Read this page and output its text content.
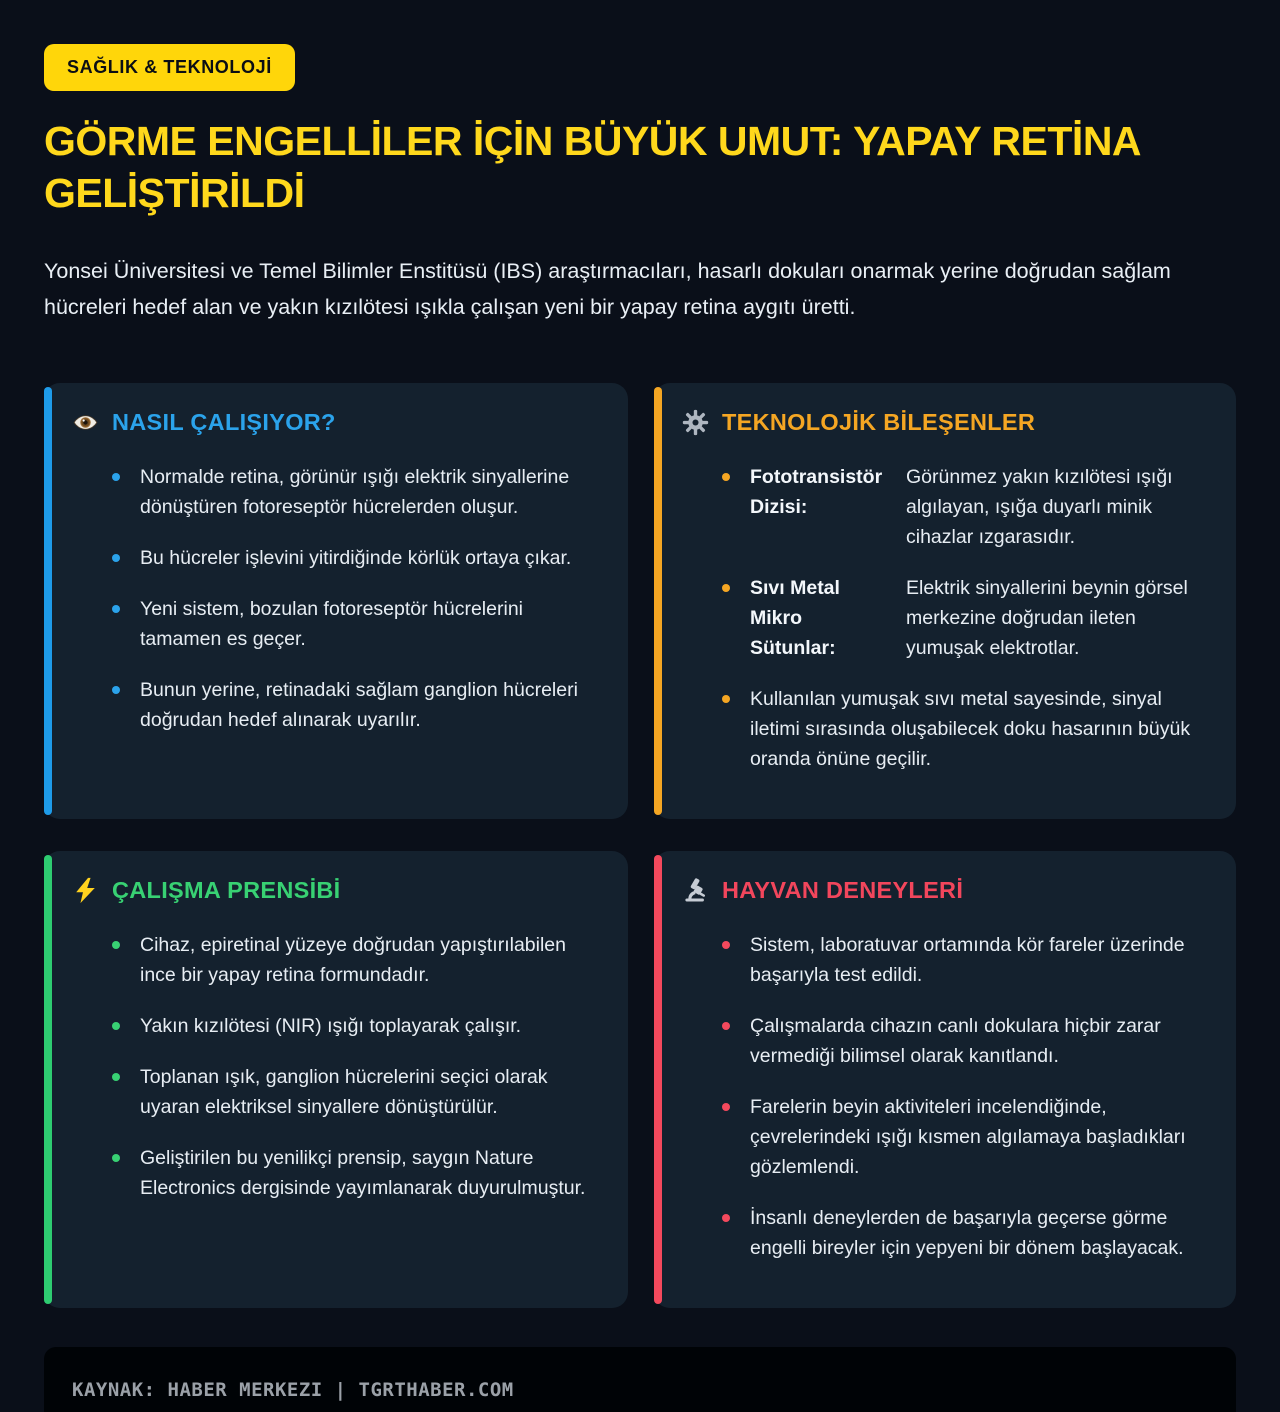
SAĞLIK & TEKNOLOJİ
GÖRME ENGELLİLER İÇİN BÜYÜK UMUT: YAPAY RETİNA
GELİŞTİRİLDİ
Yonsei Üniversitesi ve Temel Bilimler Enstitüsü (IBS) araştırmacıları, hasarlı dokuları onarmak yerine doğrudan sağlam hücreleri hedef alan ve yakın kızılötesi ışıkla çalışan yeni bir yapay retina aygıtı üretti.
NASIL ÇALIŞIYOR?
Normalde retina, görünür ışığı elektrik sinyallerine dönüştüren fotoreseptör hücrelerden oluşur.
Bu hücreler işlevini yitirdiğinde körlük ortaya çıkar.
Yeni sistem, bozulan fotoreseptör hücrelerini tamamen es geçer.
Bunun yerine, retinadaki sağlam ganglion hücreleri doğrudan hedef alınarak uyarılır.
TEKNOLOJİK BİLEŞENLER
Fototransistör Dizisi:
Görünmez yakın kızılötesi ışığı algılayan, ışığa duyarlı minik cihazlar ızgarasıdır.
Sıvı Metal Mikro Sütunlar:
Elektrik sinyallerini beynin görsel merkezine doğrudan ileten yumuşak elektrotlar.
Kullanılan yumuşak sıvı metal sayesinde, sinyal iletimi sırasında oluşabilecek doku hasarının büyük oranda önüne geçilir.
ÇALIŞMA PRENSİBİ
Cihaz, epiretinal yüzeye doğrudan yapıştırılabilen ince bir yapay retina formundadır.
Yakın kızılötesi (NIR) ışığı toplayarak çalışır.
Toplanan ışık, ganglion hücrelerini seçici olarak uyaran elektriksel sinyallere dönüştürülür.
Geliştirilen bu yenilikçi prensip, saygın Nature Electronics dergisinde yayımlanarak duyurulmuştur.
HAYVAN DENEYLERİ
Sistem, laboratuvar ortamında kör fareler üzerinde başarıyla test edildi.
Çalışmalarda cihazın canlı dokulara hiçbir zarar vermediği bilimsel olarak kanıtlandı.
Farelerin beyin aktiviteleri incelendiğinde, çevrelerindeki ışığı kısmen algılamaya başladıkları gözlemlendi.
İnsanlı deneylerden de başarıyla geçerse görme engelli bireyler için yepyeni bir dönem başlayacak.
KAYNAK: HABER MERKEZI | TGRTHABER.COM
